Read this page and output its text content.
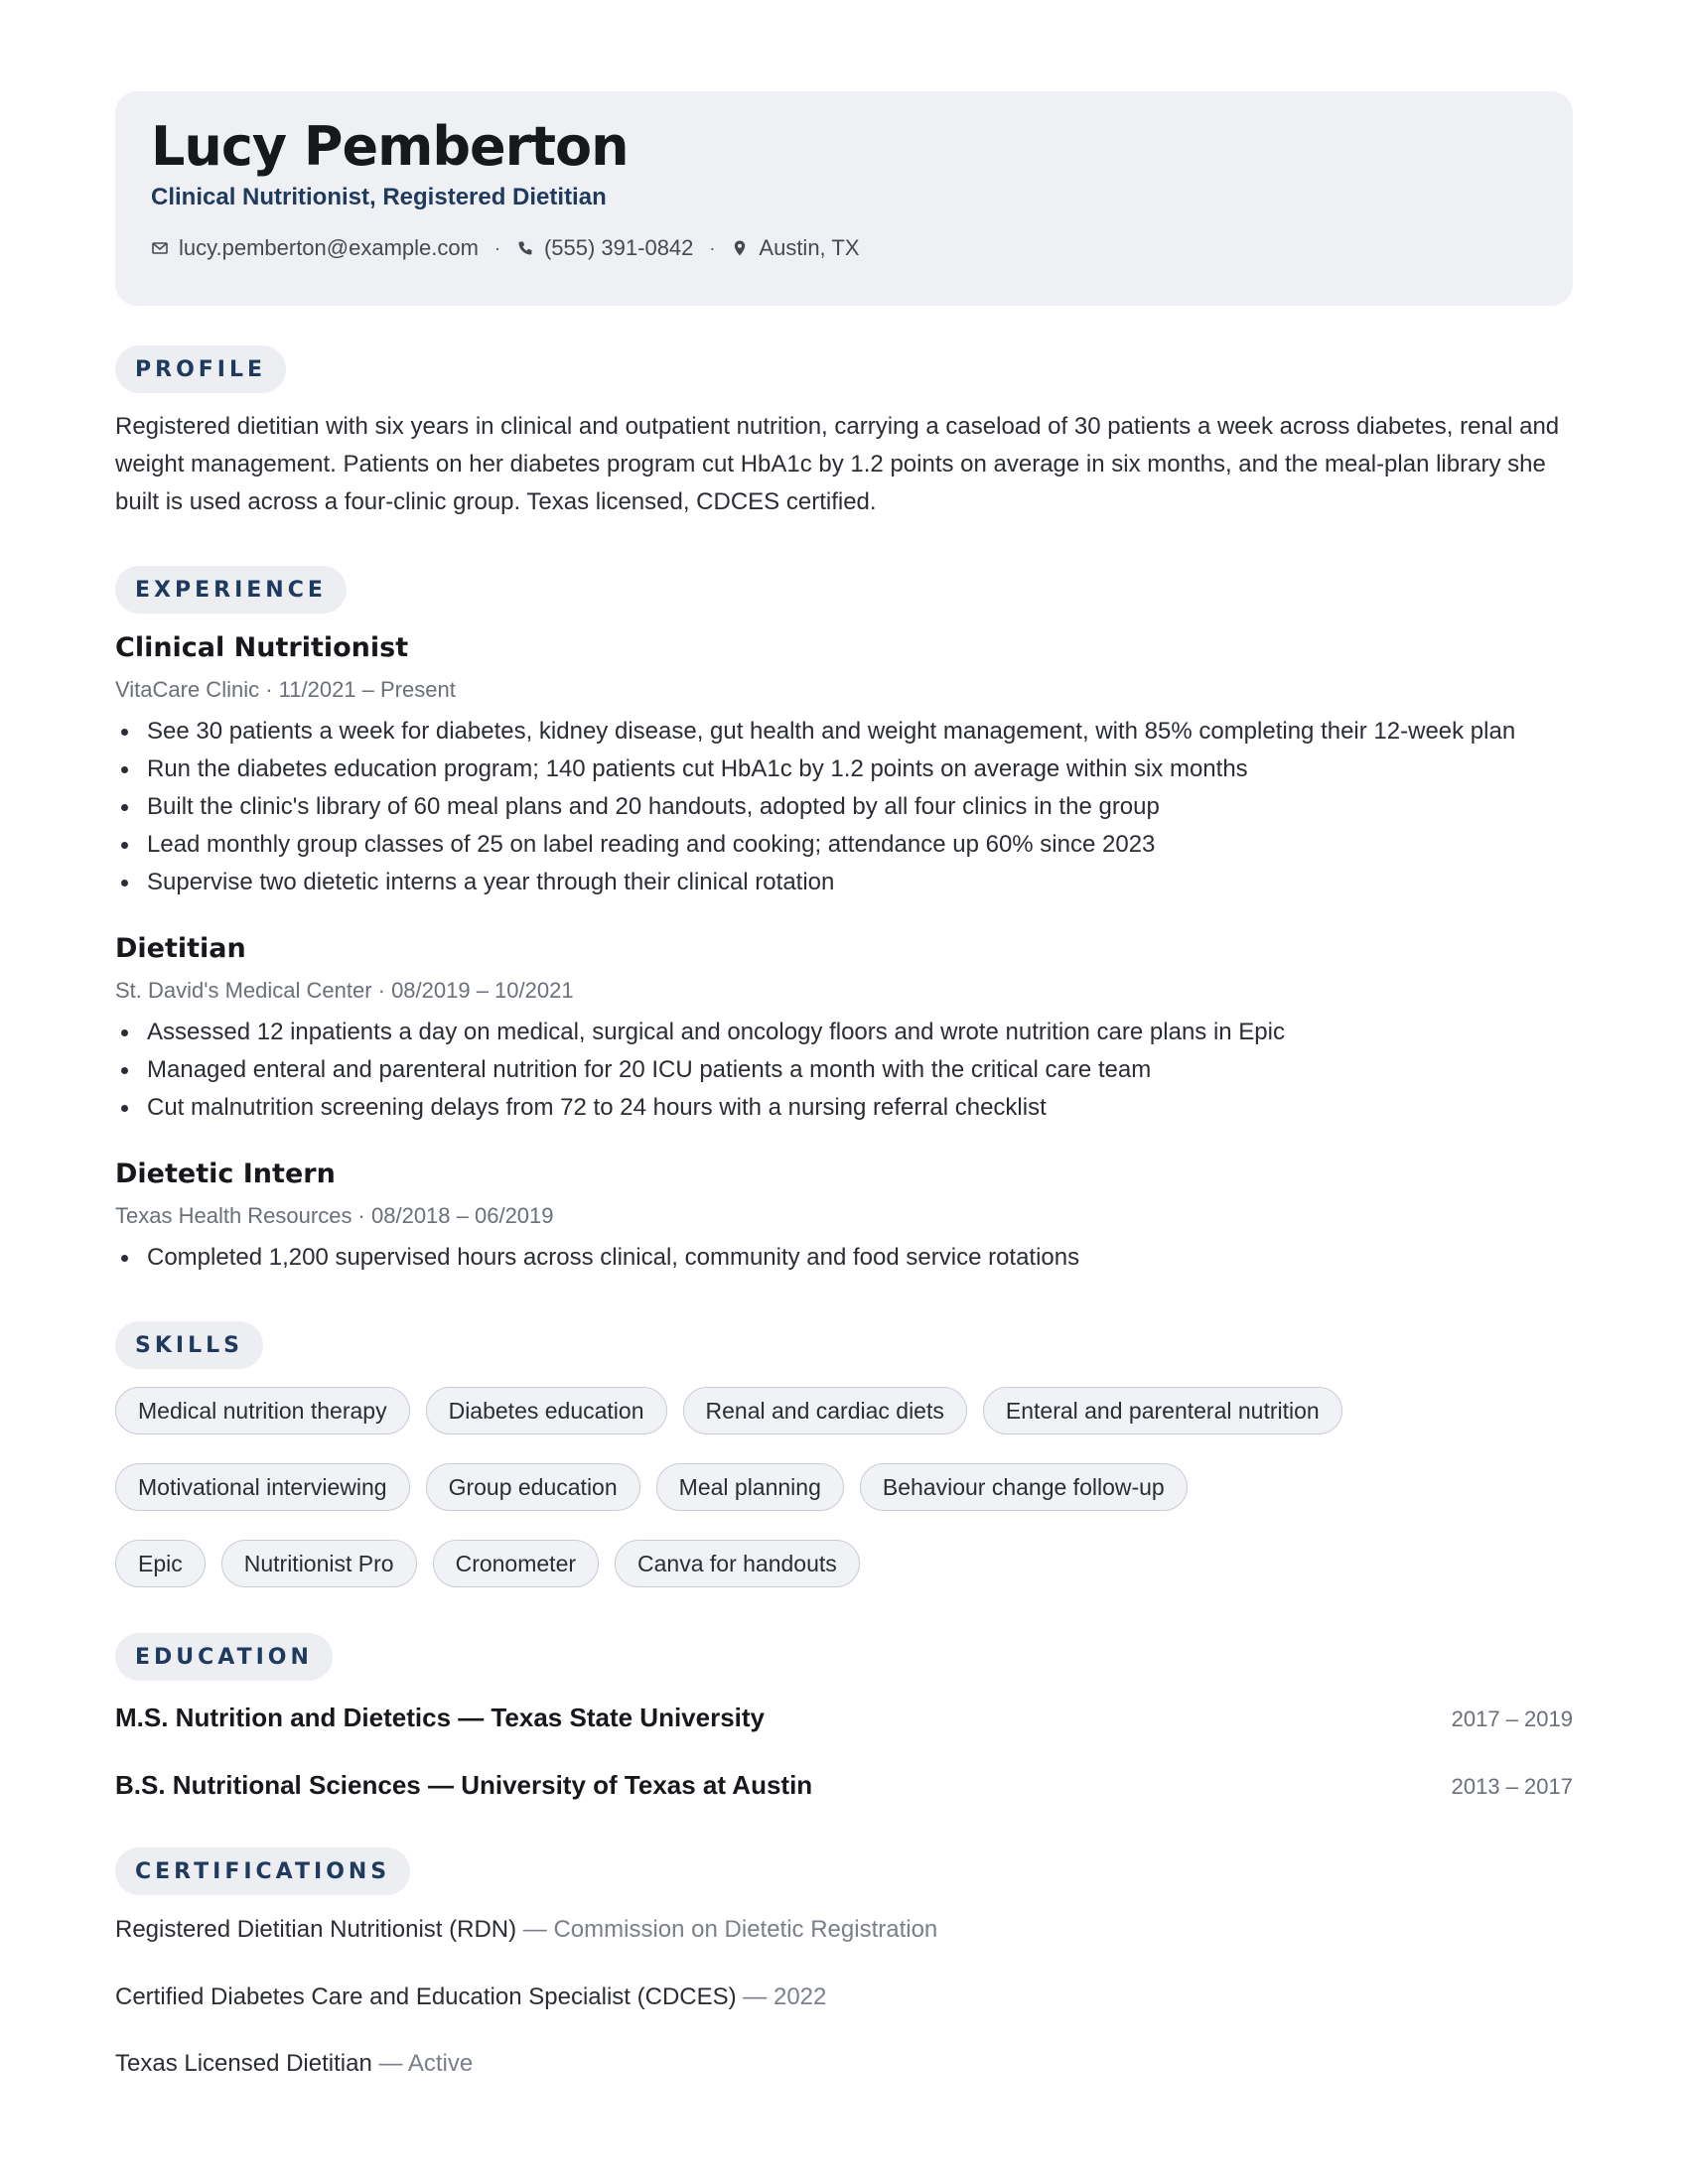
Lucy Pemberton
Clinical Nutritionist, Registered Dietitian
lucy.pemberton@example.com · (555) 391-0842 · Austin, TX
PROFILE
Registered dietitian with six years in clinical and outpatient nutrition, carrying a caseload of 30 patients a week across diabetes, renal and weight management. Patients on her diabetes program cut HbA1c by 1.2 points on average in six months, and the meal-plan library she built is used across a four-clinic group. Texas licensed, CDCES certified.
EXPERIENCE
Clinical Nutritionist
VitaCare Clinic · 11/2021 – Present
See 30 patients a week for diabetes, kidney disease, gut health and weight management, with 85% completing their 12-week plan
Run the diabetes education program; 140 patients cut HbA1c by 1.2 points on average within six months
Built the clinic's library of 60 meal plans and 20 handouts, adopted by all four clinics in the group
Lead monthly group classes of 25 on label reading and cooking; attendance up 60% since 2023
Supervise two dietetic interns a year through their clinical rotation
Dietitian
St. David's Medical Center · 08/2019 – 10/2021
Assessed 12 inpatients a day on medical, surgical and oncology floors and wrote nutrition care plans in Epic
Managed enteral and parenteral nutrition for 20 ICU patients a month with the critical care team
Cut malnutrition screening delays from 72 to 24 hours with a nursing referral checklist
Dietetic Intern
Texas Health Resources · 08/2018 – 06/2019
Completed 1,200 supervised hours across clinical, community and food service rotations
SKILLS
Medical nutrition therapy	Diabetes education	Renal and cardiac diets	Enteral and parenteral nutrition
Motivational interviewing	Group education	Meal planning	Behaviour change follow-up
Epic	Nutritionist Pro	Cronometer	Canva for handouts
EDUCATION
M.S. Nutrition and Dietetics — Texas State University	2017 – 2019
B.S. Nutritional Sciences — University of Texas at Austin	2013 – 2017
CERTIFICATIONS
Registered Dietitian Nutritionist (RDN) — Commission on Dietetic Registration
Certified Diabetes Care and Education Specialist (CDCES) — 2022
Texas Licensed Dietitian — Active
